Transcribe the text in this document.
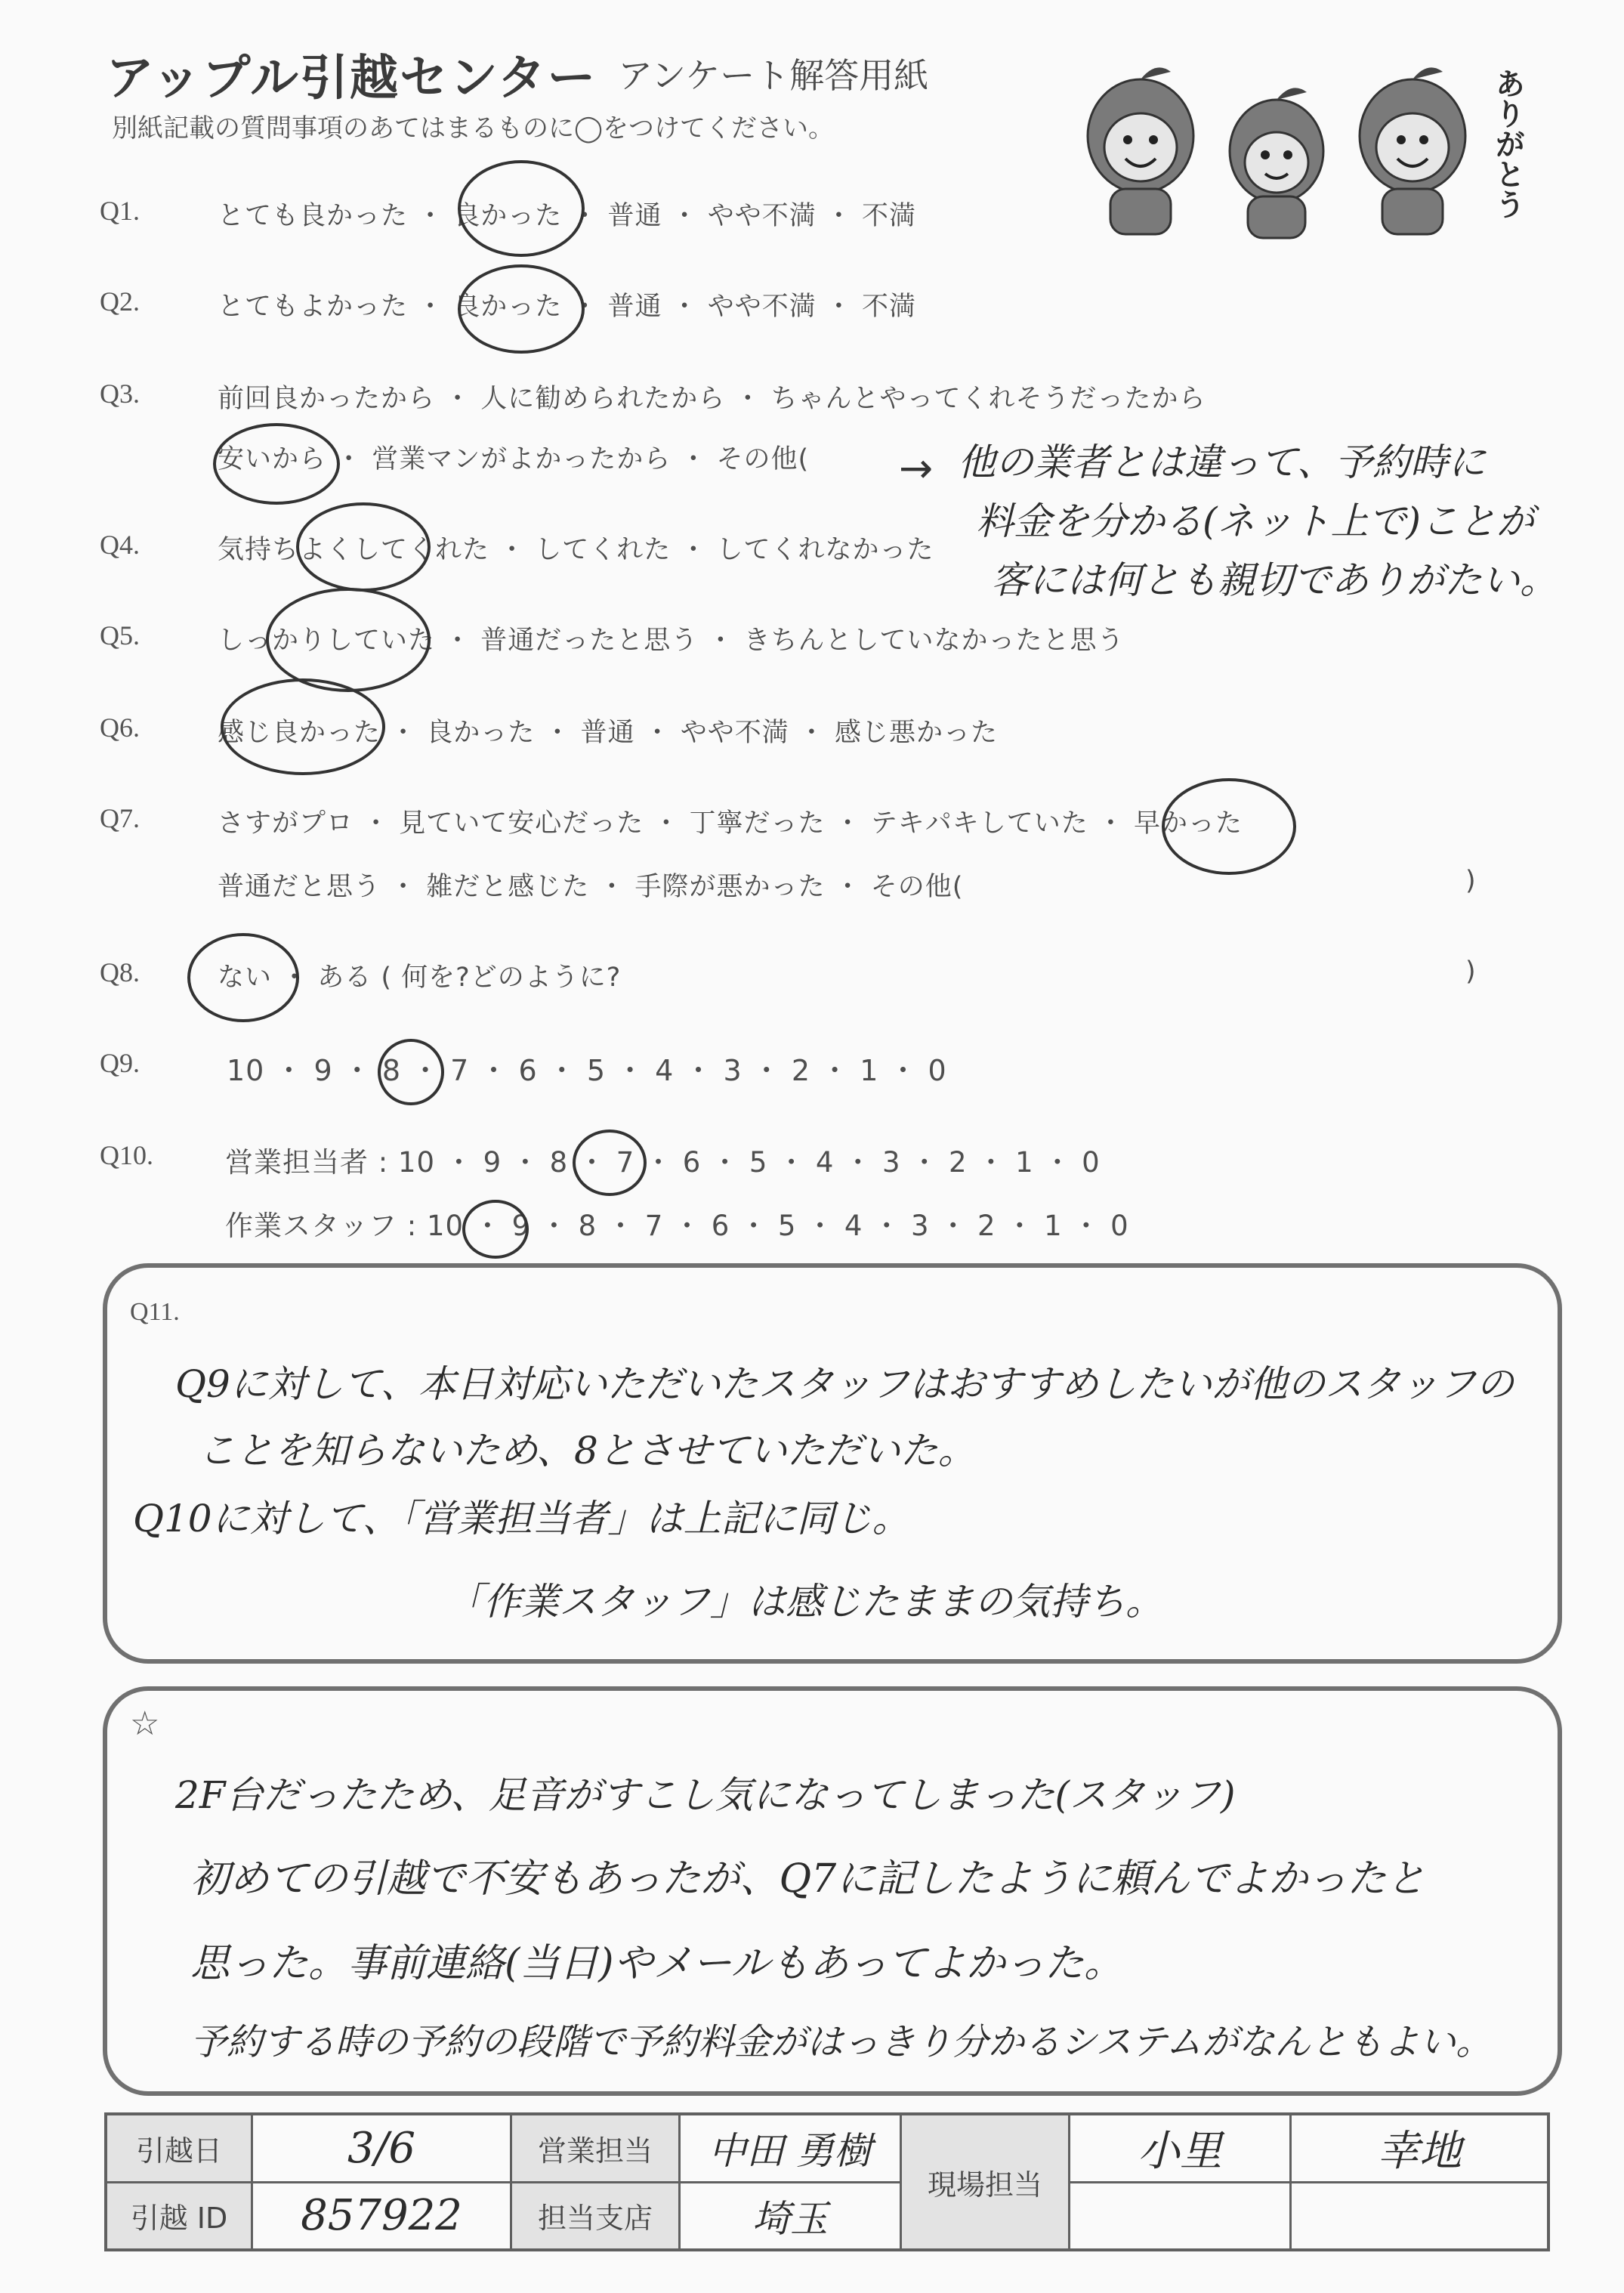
アップル引越センター アンケート解答用紙
別紙記載の質問事項のあてはまるものに◯をつけてください。	ありがとう
Q1.	とても良かった ・ 良かった ・ 普通 ・ やや不満 ・ 不満
Q2.	とてもよかった ・ 良かった ・ 普通 ・ やや不満 ・ 不満
Q3.	前回良かったから ・ 人に勧められたから ・ ちゃんとやってくれそうだったから
安いから ・ 営業マンがよかったから ・ その他( → 他の業者とは違って、予約時に
料金を分かる(ネット上で)ことが
客には何とも親切でありがたい。
Q4.	気持ちよくしてくれた ・ してくれた ・ してくれなかった
Q5.	しっかりしていた ・ 普通だったと思う ・ きちんとしていなかったと思う
Q6.	感じ良かった ・ 良かった ・ 普通 ・ やや不満 ・ 感じ悪かった
Q7.	さすがプロ ・ 見ていて安心だった ・ 丁寧だった ・ テキパキしていた ・ 早かった
普通だと思う ・ 雑だと感じた ・ 手際が悪かった ・ その他(	)
Q8.	ない ・ ある ( 何を?どのように?	)
Q9.	10 ・ 9 ・ 8 ・ 7 ・ 6 ・ 5 ・ 4 ・ 3 ・ 2 ・ 1 ・ 0
Q10.	営業担当者 : 10 ・ 9 ・ 8 ・ 7 ・ 6 ・ 5 ・ 4 ・ 3 ・ 2 ・ 1 ・ 0
作業スタッフ : 10 ・ 9 ・ 8 ・ 7 ・ 6 ・ 5 ・ 4 ・ 3 ・ 2 ・ 1 ・ 0
Q11.
Q9に対して、本日対応いただいたスタッフはおすすめしたいが他のスタッフの
ことを知らないため、8とさせていただいた。
Q10に対して、「営業担当者」は上記に同じ。
「作業スタッフ」は感じたままの気持ち。
☆
2F台だったため、足音がすこし気になってしまった(スタッフ)
初めての引越で不安もあったが、Q7に記したように頼んでよかったと
思った。事前連絡(当日)やメールもあってよかった。
予約する時の予約の段階で予約料金がはっきり分かるシステムがなんともよい。
引越日	3/6	営業担当	中田 勇樹	現場担当	小里	幸地
引越 ID	857922	担当支店	埼玉			
